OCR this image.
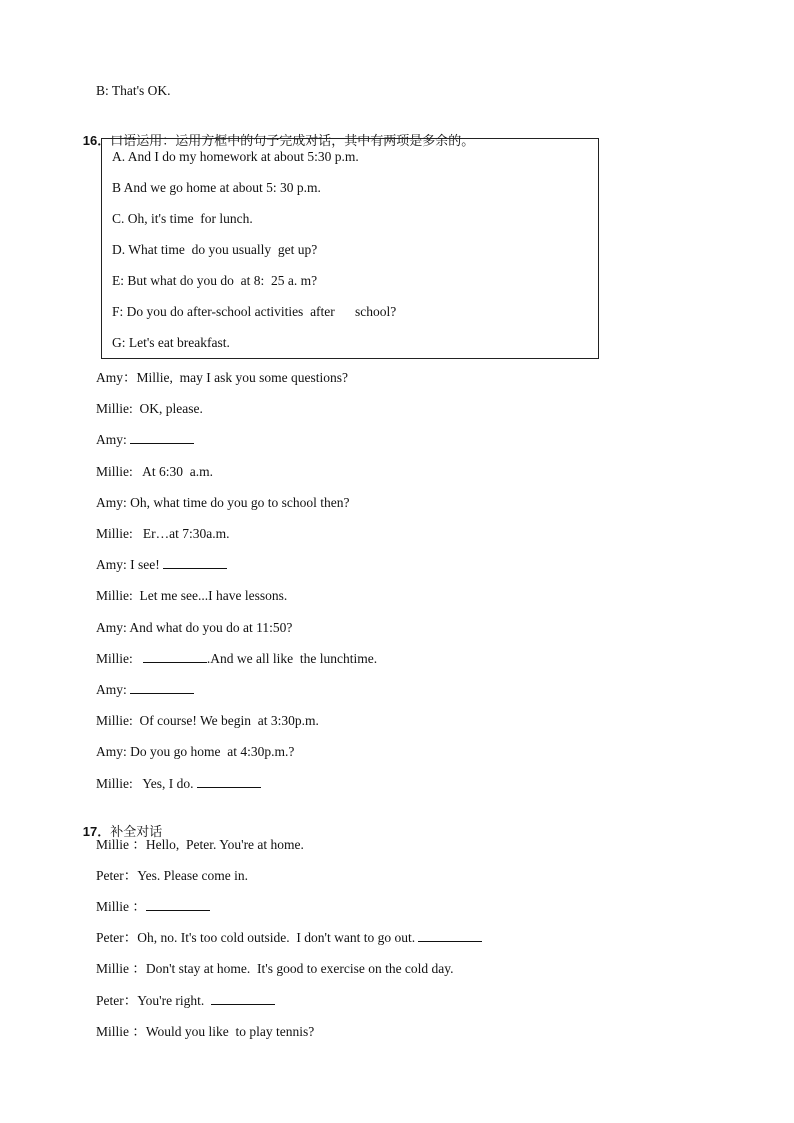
B: That's OK.

16．口语运用：运用方框中的句子完成对话，其中有两项是多余的。

A. And I do my homework at about 5:30 p.m.
B And we go home at about 5: 30 p.m.
C. Oh, it's time  for lunch.
D. What time  do you usually  get up?
E: But what do you do  at 8:  25 a. m?
F: Do you do after-school activities  after      school?
G: Let's eat breakfast.
Amy：Millie,  may I ask you some questions?
Millie:  OK, please.
Amy:
Millie:   At 6:30  a.m.
Amy: Oh, what time do you go to school then?
Millie:   Er…at 7:30a.m.
Amy: I see!
Millie:  Let me see...I have lessons.
Amy: And what do you do at 11:50?
Millie:	.And we all like  the lunchtime.
Amy:
Millie:  Of course! We begin  at 3:30p.m.
Amy: Do you go home  at 4:30p.m.?
Millie:   Yes, I do.

17．补全对话

Millie ：Hello,  Peter. You're at home.
Peter：Yes. Please come in.
Millie ：
Peter：Oh, no. It's too cold outside.  I don't want to go out.
Millie ：Don't stay at home.  It's good to exercise on the cold day.
Peter：You're right.
Millie ：Would you like  to play tennis?
